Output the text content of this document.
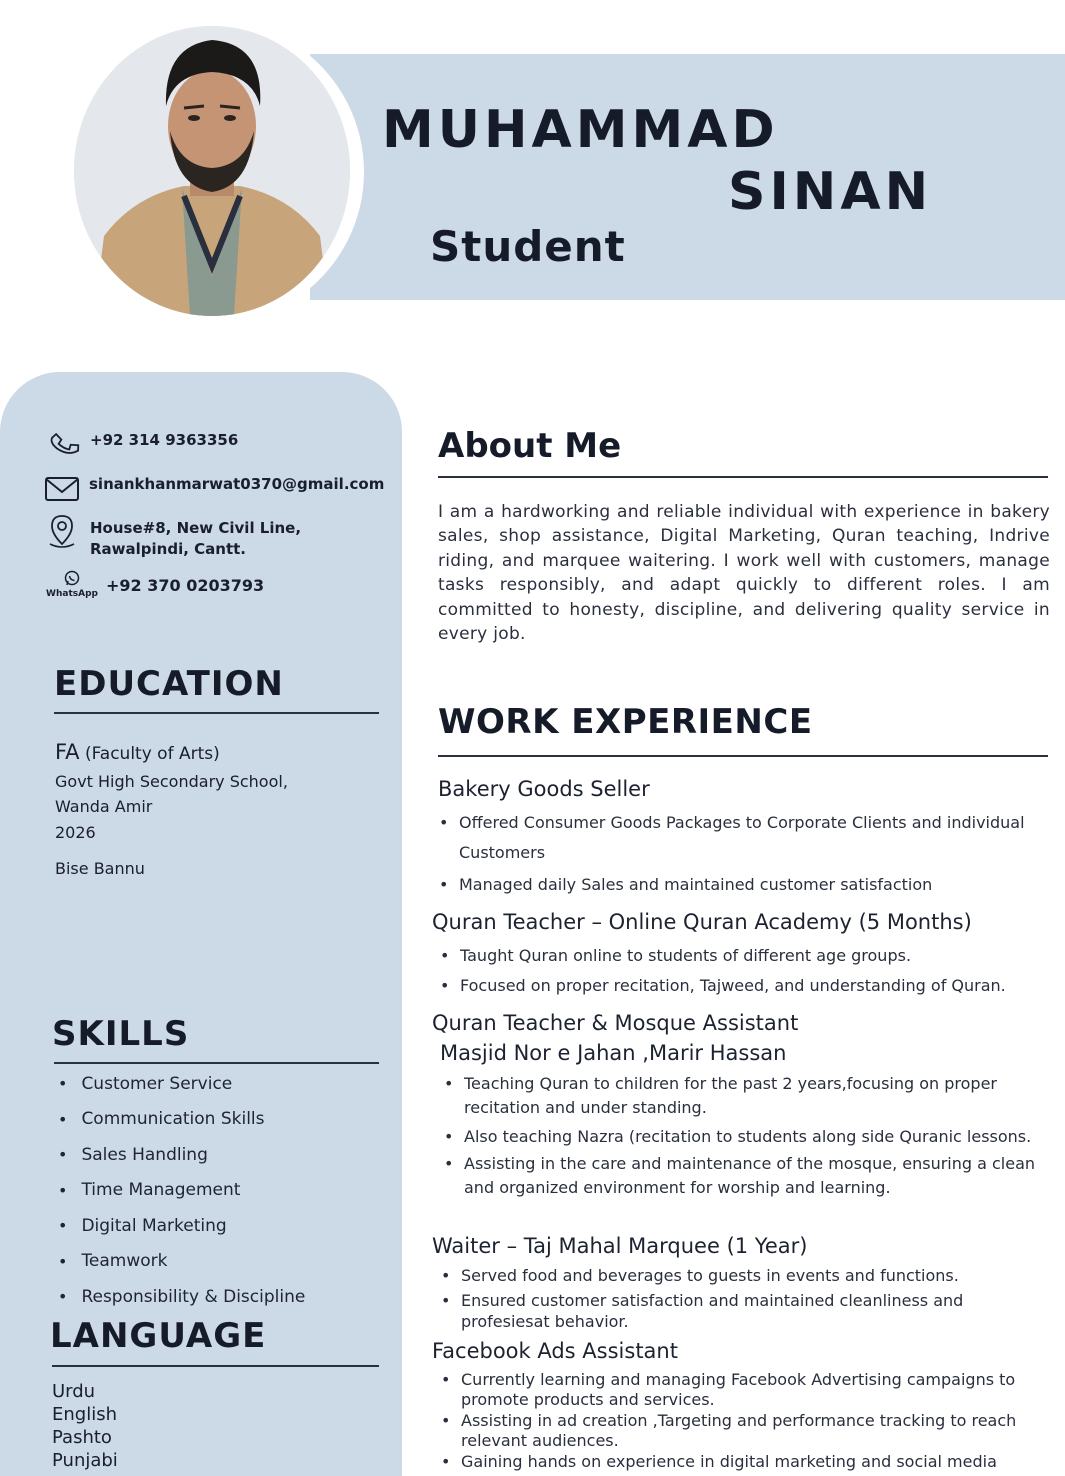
MUHAMMAD
SINAN
Student
+92 314 9363356
sinankhanmarwat0370@gmail.com
House#8, New Civil Line,
Rawalpindi, Cantt.
WhatsApp +92 370 0203793
EDUCATION
FA (Faculty of Arts)
Govt High Secondary School,
Wanda Amir
2026
Bise Bannu
SKILLS
• Customer Service
• Communication Skills
• Sales Handling
• Time Management
• Digital Marketing
• Teamwork
• Responsibility & Discipline
LANGUAGE
Urdu
English
Pashto
Punjabi
About Me
I am a hardworking and reliable individual with experience in bakery sales, shop assistance, Digital Marketing, Quran teaching, Indrive riding, and marquee waitering. I work well with customers, manage tasks responsibly, and adapt quickly to different roles. I am committed to honesty, discipline, and delivering quality service in every job.
WORK EXPERIENCE
Bakery Goods Seller
• Offered Consumer Goods Packages to Corporate Clients and individual Customers
• Managed daily Sales and maintained customer satisfaction
Quran Teacher – Online Quran Academy (5 Months)
• Taught Quran online to students of different age groups.
• Focused on proper recitation, Tajweed, and understanding of Quran.
Quran Teacher & Mosque Assistant
Masjid Nor e Jahan ,Marir Hassan
• Teaching Quran to children for the past 2 years,focusing on proper recitation and under standing.
• Also teaching Nazra (recitation to students along side Quranic lessons.
• Assisting in the care and maintenance of the mosque, ensuring a clean and organized environment for worship and learning.
Waiter – Taj Mahal Marquee (1 Year)
• Served food and beverages to guests in events and functions.
• Ensured customer satisfaction and maintained cleanliness and profesiesat behavior.
Facebook Ads Assistant
• Currently learning and managing Facebook Advertising campaigns to promote products and services.
• Assisting in ad creation ,Targeting and performance tracking to reach relevant audiences.
• Gaining hands on experience in digital marketing and social media
